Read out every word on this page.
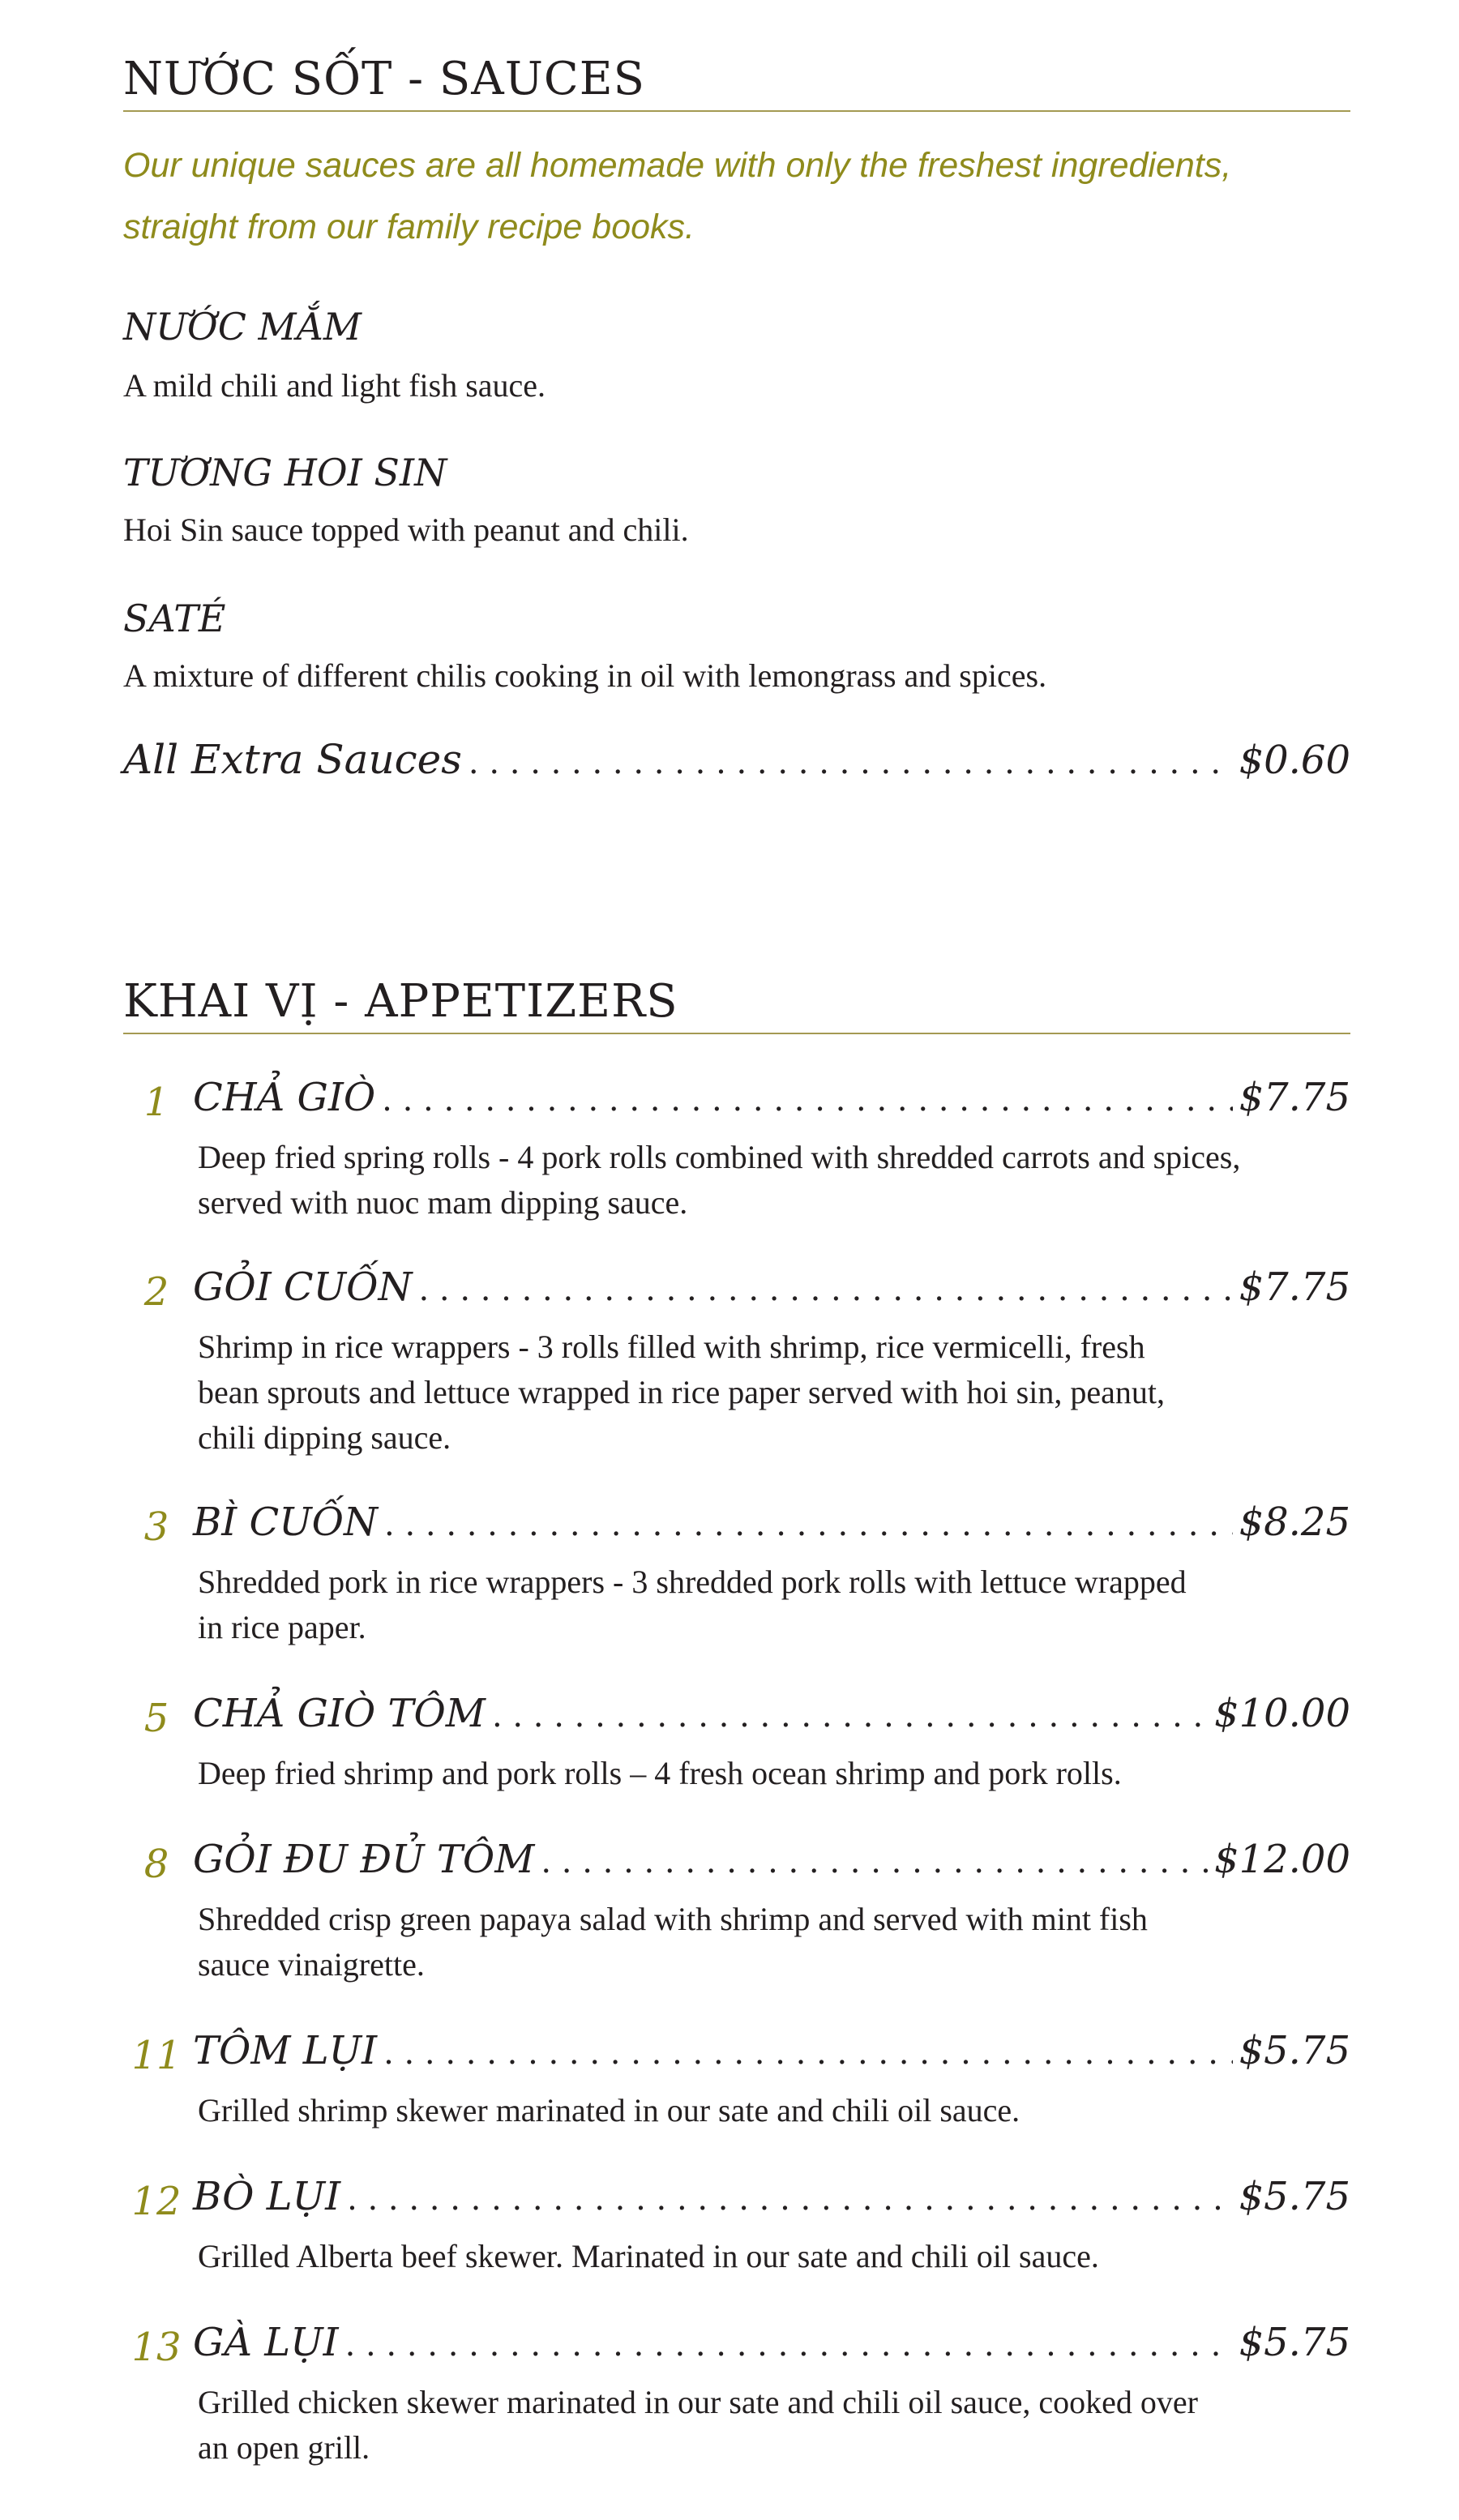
NƯỚC SỐT - SAUCES
Our unique sauces are all homemade with only the freshest ingredients, straight from our family recipe books.
NƯỚC MẮM
A mild chili and light fish sauce.
TƯƠNG HOI SIN
Hoi Sin sauce topped with peanut and chili.
SATÉ
A mixture of different chilis cooking in oil with lemongrass and spices.
All Extra Sauces . . .	$0.60
KHAI VỊ - APPETIZERS
1 CHẢ GIÒ . . .	$7.75
Deep fried spring rolls - 4 pork rolls combined with shredded carrots and spices, served with nuoc mam dipping sauce.
2 GỎI CUỐN . . .	$7.75
Shrimp in rice wrappers - 3 rolls filled with shrimp, rice vermicelli, fresh bean sprouts and lettuce wrapped in rice paper served with hoi sin, peanut, chili dipping sauce.
3 BÌ CUỐN . . .	$8.25
Shredded pork in rice wrappers - 3 shredded pork rolls with lettuce wrapped in rice paper.
5 CHẢ GIÒ TÔM . . .	$10.00
Deep fried shrimp and pork rolls – 4 fresh ocean shrimp and pork rolls.
8 GỎI ĐU ĐỦ TÔM . . .	$12.00
Shredded crisp green papaya salad with shrimp and served with mint fish sauce vinaigrette.
11 TÔM LỤI . . .	$5.75
Grilled shrimp skewer marinated in our sate and chili oil sauce.
12 BÒ LỤI . . .	$5.75
Grilled Alberta beef skewer. Marinated in our sate and chili oil sauce.
13 GÀ LỤI . . .	$5.75
Grilled chicken skewer marinated in our sate and chili oil sauce, cooked over an open grill.
